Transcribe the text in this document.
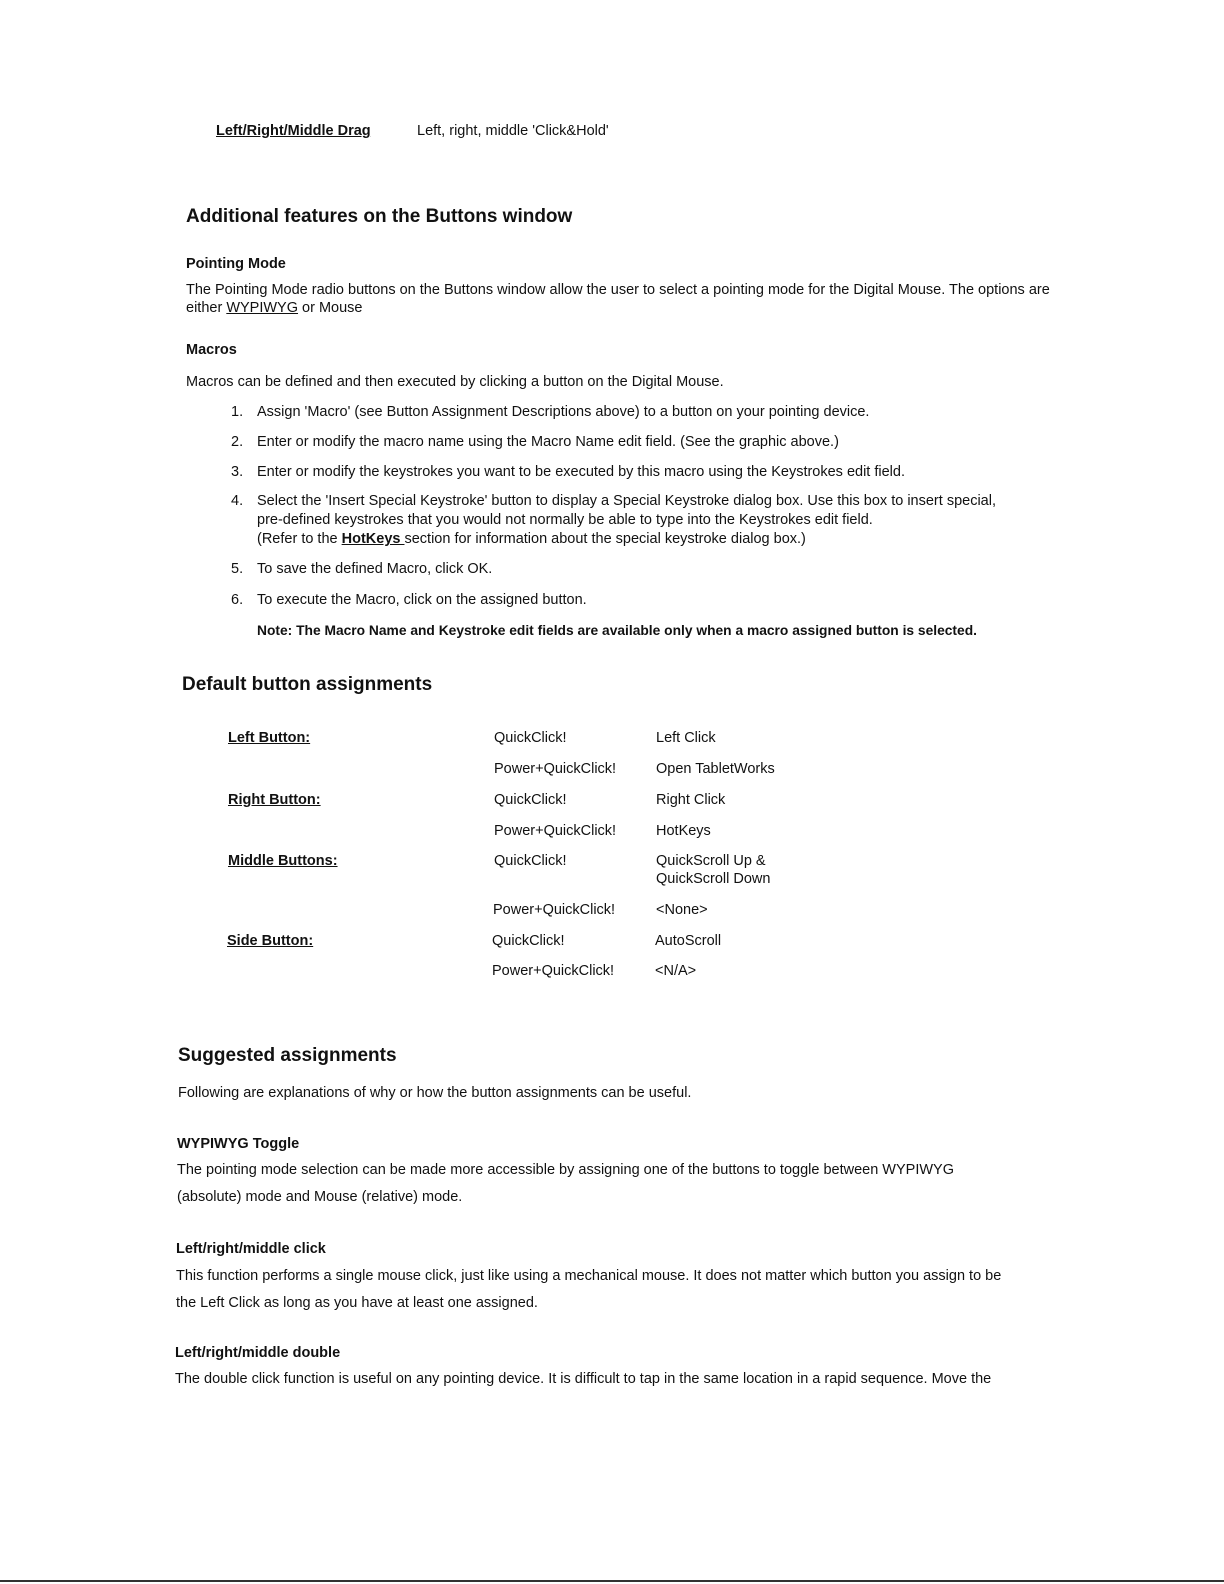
Left/Right/Middle Drag	Left, right, middle 'Click&Hold'
Additional features on the Buttons window
Pointing Mode
The Pointing Mode radio buttons on the Buttons window allow the user to select a pointing mode for the Digital Mouse. The options are either WYPIWYG or Mouse
Macros
Macros can be defined and then executed by clicking a button on the Digital Mouse.
1. Assign 'Macro' (see Button Assignment Descriptions above) to a button on your pointing device.
2. Enter or modify the macro name using the Macro Name edit field. (See the graphic above.)
3. Enter or modify the keystrokes you want to be executed by this macro using the Keystrokes edit field.
4. Select the 'Insert Special Keystroke' button to display a Special Keystroke dialog box. Use this box to insert special,
pre-defined keystrokes that you would not normally be able to type into the Keystrokes edit field.
(Refer to the HotKeys section for information about the special keystroke dialog box.)
5. To save the defined Macro, click OK.
6. To execute the Macro, click on the assigned button.
Note: The Macro Name and Keystroke edit fields are available only when a macro assigned button is selected.
Default button assignments
Left Button:	QuickClick!	Left Click
Power+QuickClick!	Open TabletWorks
Right Button:	QuickClick!	Right Click
Power+QuickClick!	HotKeys
Middle Buttons:	QuickClick!	QuickScroll Up &
QuickScroll Down
Power+QuickClick!	<None>
Side Button:	QuickClick!	AutoScroll
Power+QuickClick!	<N/A>
Suggested assignments
Following are explanations of why or how the button assignments can be useful.
WYPIWYG Toggle
The pointing mode selection can be made more accessible by assigning one of the buttons to toggle between WYPIWYG
(absolute) mode and Mouse (relative) mode.
Left/right/middle click
This function performs a single mouse click, just like using a mechanical mouse. It does not matter which button you assign to be
the Left Click as long as you have at least one assigned.
Left/right/middle double
The double click function is useful on any pointing device. It is difficult to tap in the same location in a rapid sequence. Move the
